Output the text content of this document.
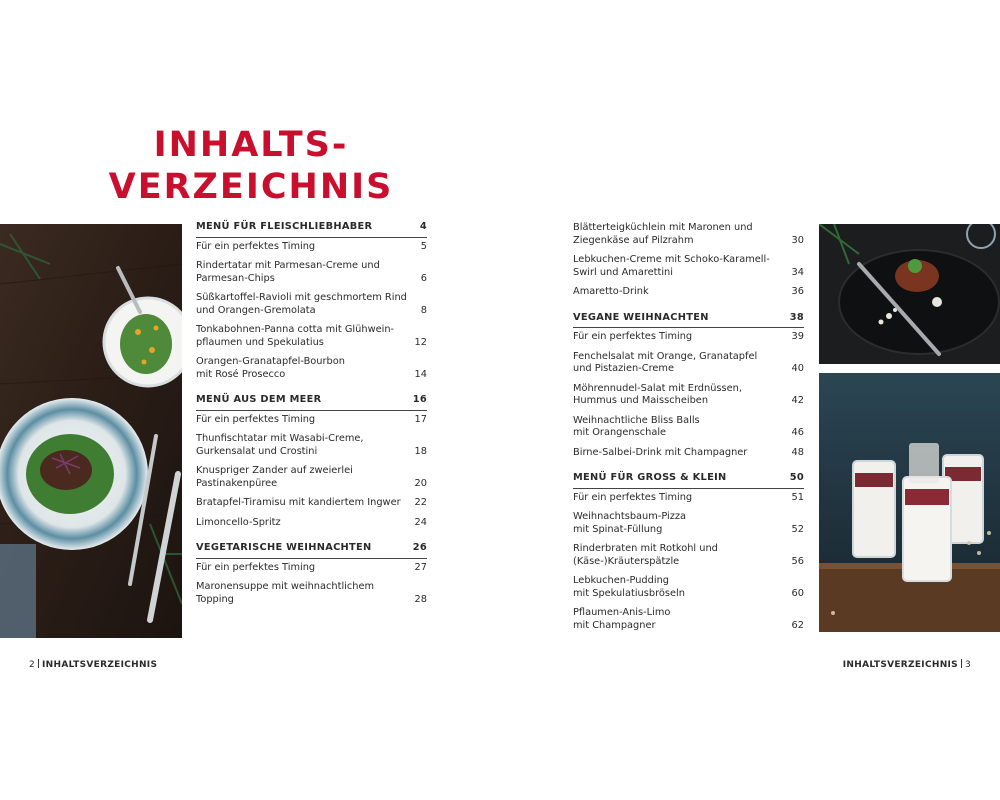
INHALTS-
VERZEICHNIS
MENÜ FÜR FLEISCHLIEBHABER	4
Für ein perfektes Timing	5
Rindertatar mit Parmesan-Creme und
Parmesan-Chips	6
Süßkartoffel-Ravioli mit geschmortem Rind
und Orangen-Gremolata	8
Tonkabohnen-Panna cotta mit Glühwein-
pflaumen und Spekulatius	12
Orangen-Granatapfel-Bourbon
mit Rosé Prosecco	14
MENÜ AUS DEM MEER	16
Für ein perfektes Timing	17
Thunfischtatar mit Wasabi-Creme,
Gurkensalat und Crostini	18
Knuspriger Zander auf zweierlei
Pastinakenpüree	20
Bratapfel-Tiramisu mit kandiertem Ingwer	22
Limoncello-Spritz	24
VEGETARISCHE WEIHNACHTEN	26
Für ein perfektes Timing	27
Maronensuppe mit weihnachtlichem
Topping	28
Blätterteigküchlein mit Maronen und
Ziegenkäse auf Pilzrahm	30
Lebkuchen-Creme mit Schoko-Karamell-
Swirl und Amarettini	34
Amaretto-Drink	36
VEGANE WEIHNACHTEN	38
Für ein perfektes Timing	39
Fenchelsalat mit Orange, Granatapfel
und Pistazien-Creme	40
Möhrennudel-Salat mit Erdnüssen,
Hummus und Maisscheiben	42
Weihnachtliche Bliss Balls
mit Orangenschale	46
Birne-Salbei-Drink mit Champagner	48
MENÜ FÜR GROSS & KLEIN	50
Für ein perfektes Timing	51
Weihnachtsbaum-Pizza
mit Spinat-Füllung	52
Rinderbraten mit Rotkohl und
(Käse-)Kräuterspätzle	56
Lebkuchen-Pudding
mit Spekulatiusbröseln	60
Pflaumen-Anis-Limo
mit Champagner	62
2 INHALTSVERZEICHNIS	INHALTSVERZEICHNIS 3
